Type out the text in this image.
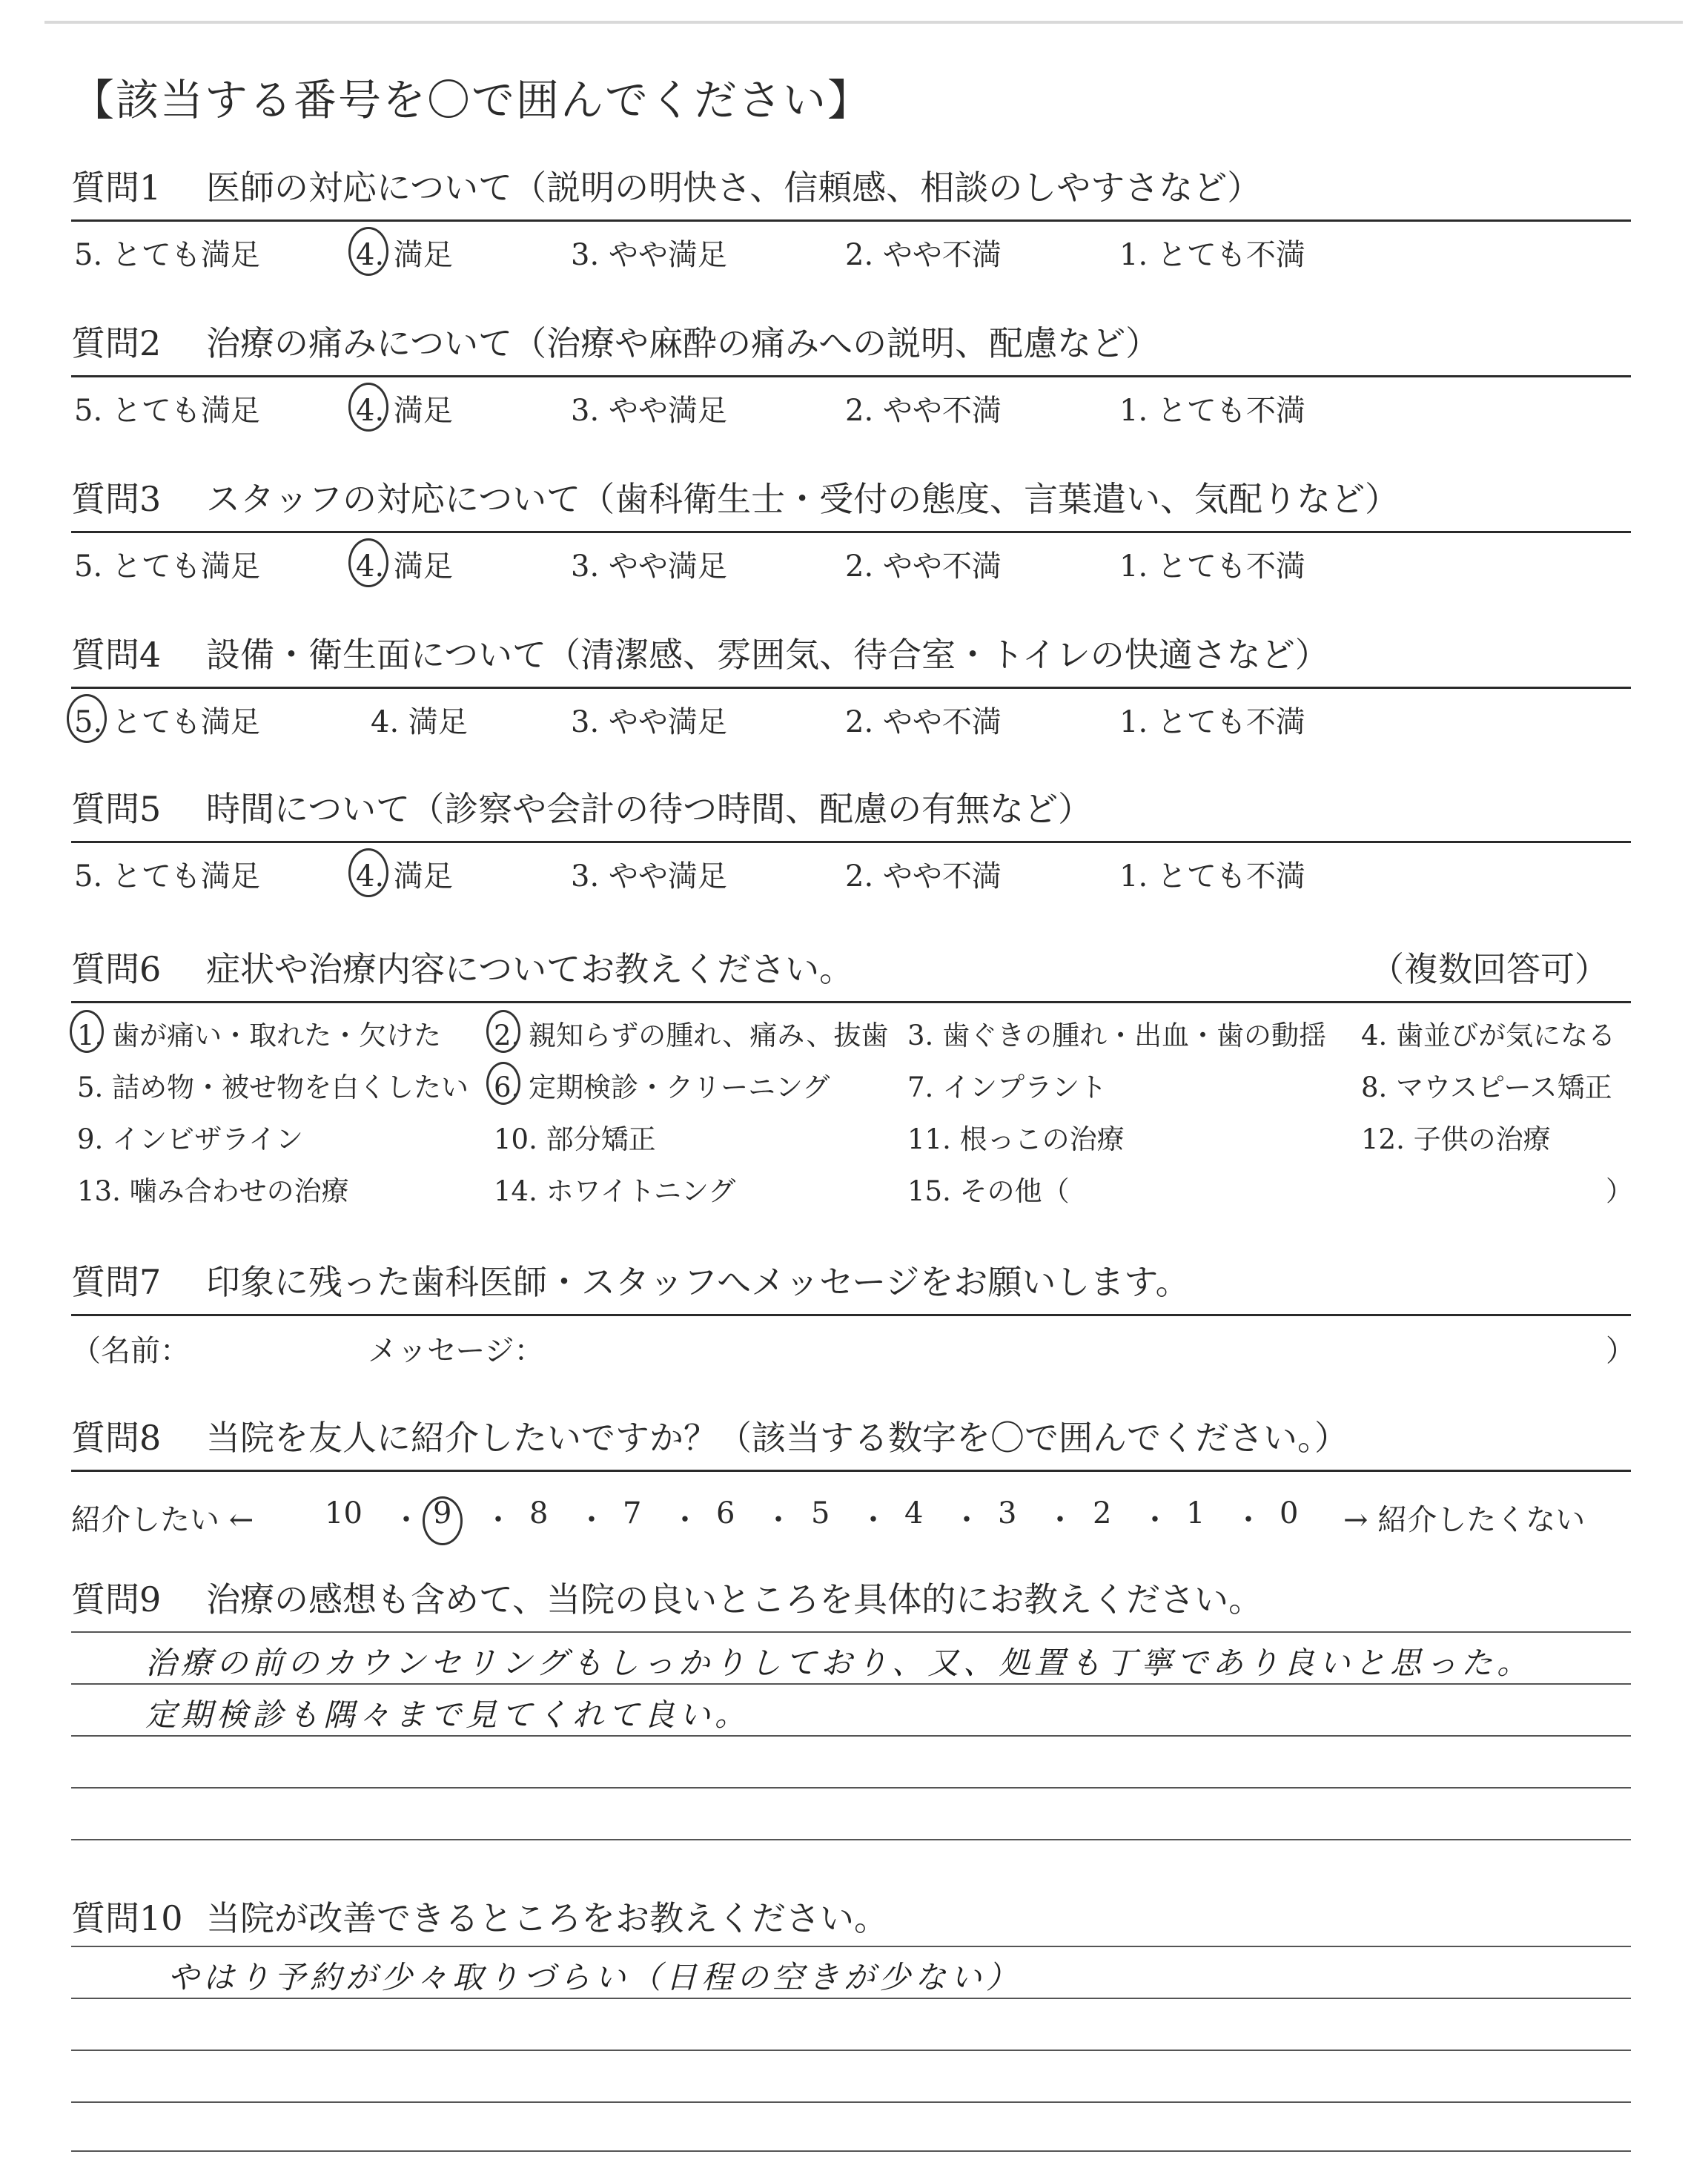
【該当する番号を〇で囲んでください】
質問1 医師の対応について（説明の明快さ、信頼感、相談のしやすさなど）
5. とても満足	4. 満足	3. やや満足	2. やや不満	1. とても不満
質問2 治療の痛みについて（治療や麻酔の痛みへの説明、配慮など）
5. とても満足	4. 満足	3. やや満足	2. やや不満	1. とても不満
質問3 スタッフの対応について（歯科衛生士・受付の態度、言葉遣い、気配りなど）
5. とても満足	4. 満足	3. やや満足	2. やや不満	1. とても不満
質問4 設備・衛生面について（清潔感、雰囲気、待合室・トイレの快適さなど）
5. とても満足	4. 満足	3. やや満足	2. やや不満	1. とても不満
質問5 時間について（診察や会計の待つ時間、配慮の有無など）
5. とても満足	4. 満足	3. やや満足	2. やや不満	1. とても不満
質問6 症状や治療内容についてお教えください。	（複数回答可）
1. 歯が痛い・取れた・欠けた 2. 親知らずの腫れ、痛み、抜歯 3. 歯ぐきの腫れ・出血・歯の動揺 4. 歯並びが気になる
5. 詰め物・被せ物を白くしたい 6. 定期検診・クリーニング	7. インプラント	8. マウスピース矯正
9. インビザライン	10. 部分矯正	11. 根っこの治療	12. 子供の治療
13. 噛み合わせの治療	14. ホワイトニング	15. その他（	）
質問7 印象に残った歯科医師・スタッフへメッセージをお願いします。
（名前：	メッセージ：	）
質問8 当院を友人に紹介したいですか？（該当する数字を〇で囲んでください。）
紹介したい ← 10 ・ 9 ・ 8 ・ 7 ・ 6 ・ 5 ・ 4 ・ 3 ・ 2 ・ 1 ・ 0 → 紹介したくない
質問9 治療の感想も含めて、当院の良いところを具体的にお教えください。
治療の前のカウンセリングもしっかりしており、又、処置も丁寧であり良いと思った。
定期検診も隅々まで見てくれて良い。
質問10 当院が改善できるところをお教えください。
やはり予約が少々取りづらい（日程の空きが少ない）
